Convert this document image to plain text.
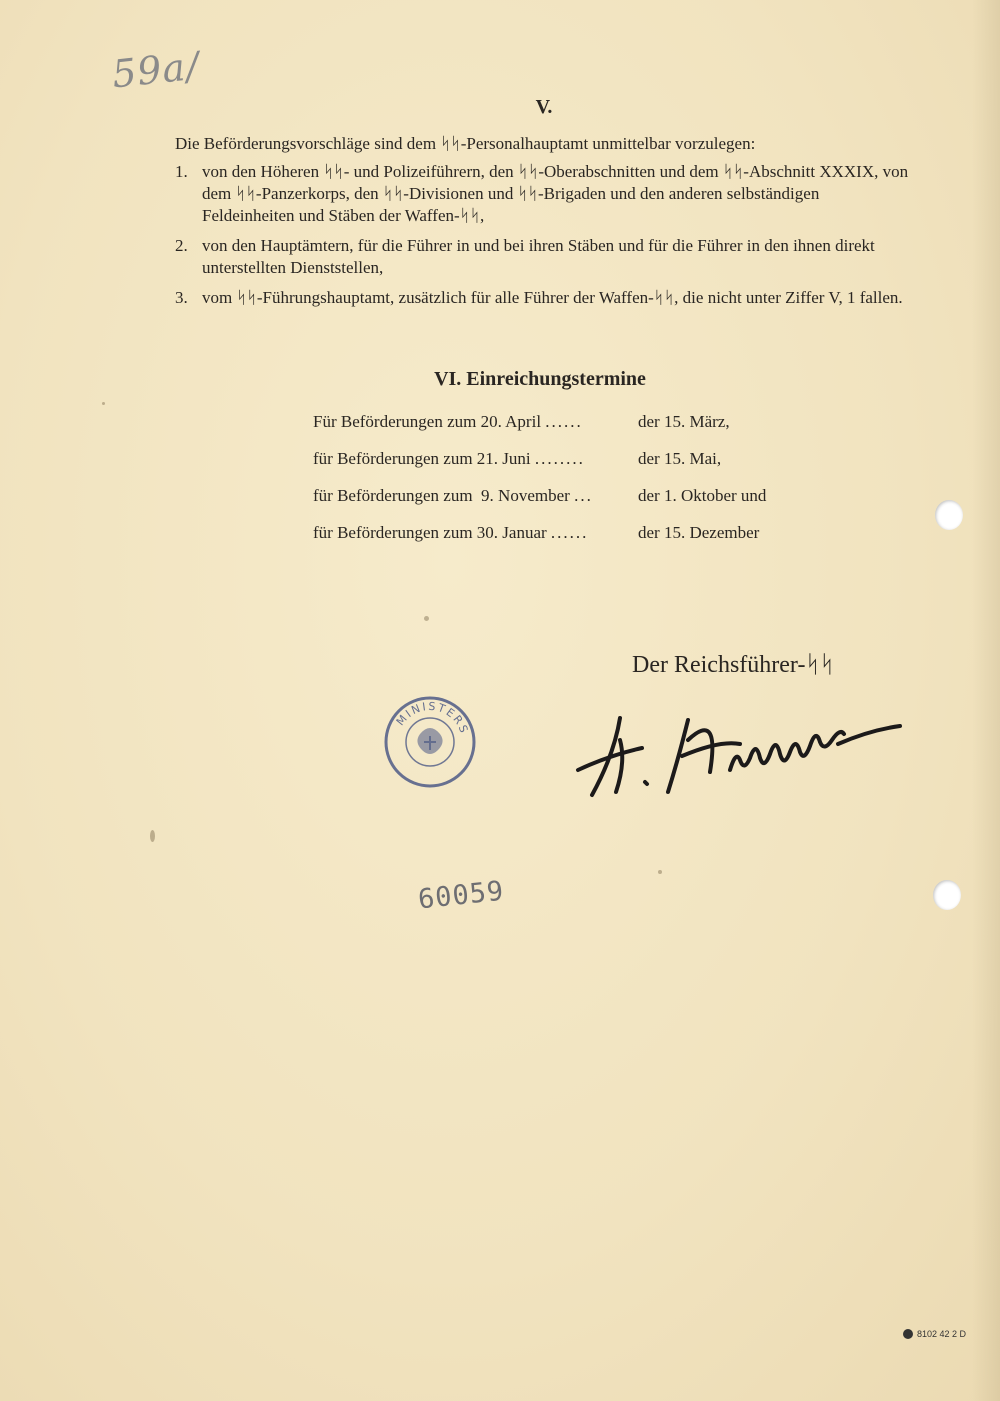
59a/
V.
Die Beförderungsvorschläge sind dem ᛋᛋ-Personalhauptamt unmittelbar vorzulegen:
1. von den Höheren ᛋᛋ- und Polizeiführern, den ᛋᛋ-Oberabschnitten und dem ᛋᛋ-Abschnitt XXXIX, von dem ᛋᛋ-Panzerkorps, den ᛋᛋ-Divisionen und ᛋᛋ-Brigaden und den anderen selbständigen Feldeinheiten und Stäben der Waffen-ᛋᛋ,
2. von den Hauptämtern, für die Führer in und bei ihren Stäben und für die Führer in den ihnen direkt unterstellten Dienststellen,
3. vom ᛋᛋ-Führungshauptamt, zusätzlich für alle Führer der Waffen-ᛋᛋ, die nicht unter Ziffer V, 1 fallen.
VI. Einreichungstermine
Für Beförderungen zum 20. April ......	der 15. März,
für Beförderungen zum 21. Juni ........	der 15. Mai,
für Beförderungen zum  9. November ...	der 1. Oktober und
für Beförderungen zum 30. Januar ......	der 15. Dezember
Der Reichsführer-ᛋᛋ
MINISTERS
60059
8102 42 2 D
